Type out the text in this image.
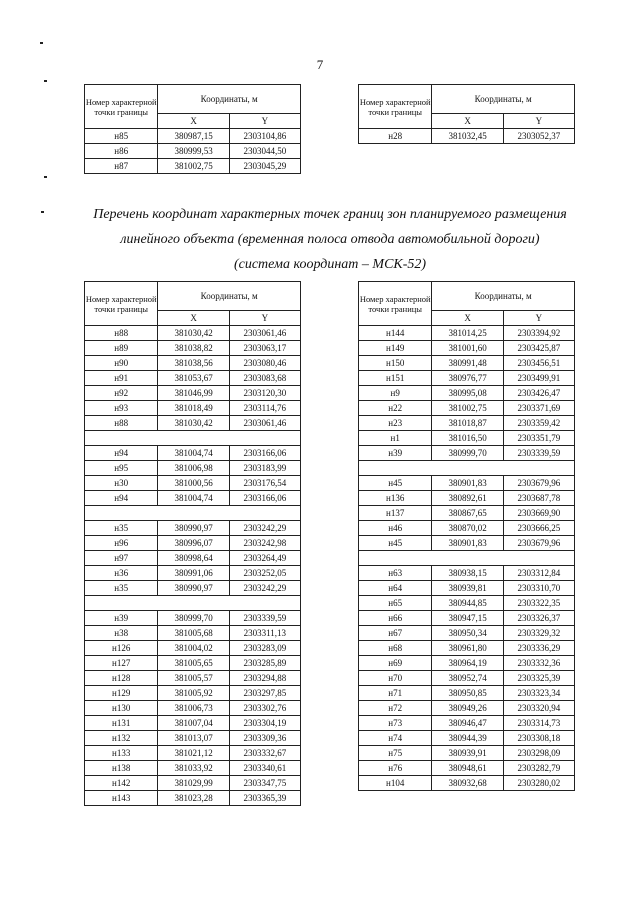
7
Номер характерной точки границы	Координаты, м	
	X	Y
н85	380987,15	2303104,86
н86	380999,53	2303044,50
н87	381002,75	2303045,29
Номер характерной точки границы	Координаты, м	
	X	Y
н28	381032,45	2303052,37
Перечень координат характерных точек границ зон планируемого размещения
линейного объекта (временная полоса отвода автомобильной дороги)
(система координат – МСК-52)
Номер характерной точки границы	Координаты, м	
	X	Y
н88	381030,42	2303061,46
н89	381038,82	2303063,17
н90	381038,56	2303080,46
н91	381053,67	2303083,68
н92	381046,99	2303120,30
н93	381018,49	2303114,76
н88	381030,42	2303061,46

н94	381004,74	2303166,06
н95	381006,98	2303183,99
н30	381000,56	2303176,54
н94	381004,74	2303166,06

н35	380990,97	2303242,29
н96	380996,07	2303242,98
н97	380998,64	2303264,49
н36	380991,06	2303252,05
н35	380990,97	2303242,29

н39	380999,70	2303339,59
н38	381005,68	2303311,13
н126	381004,02	2303283,09
н127	381005,65	2303285,89
н128	381005,57	2303294,88
н129	381005,92	2303297,85
н130	381006,73	2303302,76
н131	381007,04	2303304,19
н132	381013,07	2303309,36
н133	381021,12	2303332,67
н138	381033,92	2303340,61
н142	381029,99	2303347,75
н143	381023,28	2303365,39
Номер характерной точки границы	Координаты, м	
	X	Y
н144	381014,25	2303394,92
н149	381001,60	2303425,87
н150	380991,48	2303456,51
н151	380976,77	2303499,91
н9	380995,08	2303426,47
н22	381002,75	2303371,69
н23	381018,87	2303359,42
н1	381016,50	2303351,79
н39	380999,70	2303339,59

н45	380901,83	2303679,96
н136	380892,61	2303687,78
н137	380867,65	2303669,90
н46	380870,02	2303666,25
н45	380901,83	2303679,96

н63	380938,15	2303312,84
н64	380939,81	2303310,70
н65	380944,85	2303322,35
н66	380947,15	2303326,37
н67	380950,34	2303329,32
н68	380961,80	2303336,29
н69	380964,19	2303332,36
н70	380952,74	2303325,39
н71	380950,85	2303323,34
н72	380949,26	2303320,94
н73	380946,47	2303314,73
н74	380944,39	2303308,18
н75	380939,91	2303298,09
н76	380948,61	2303282,79
н104	380932,68	2303280,02
